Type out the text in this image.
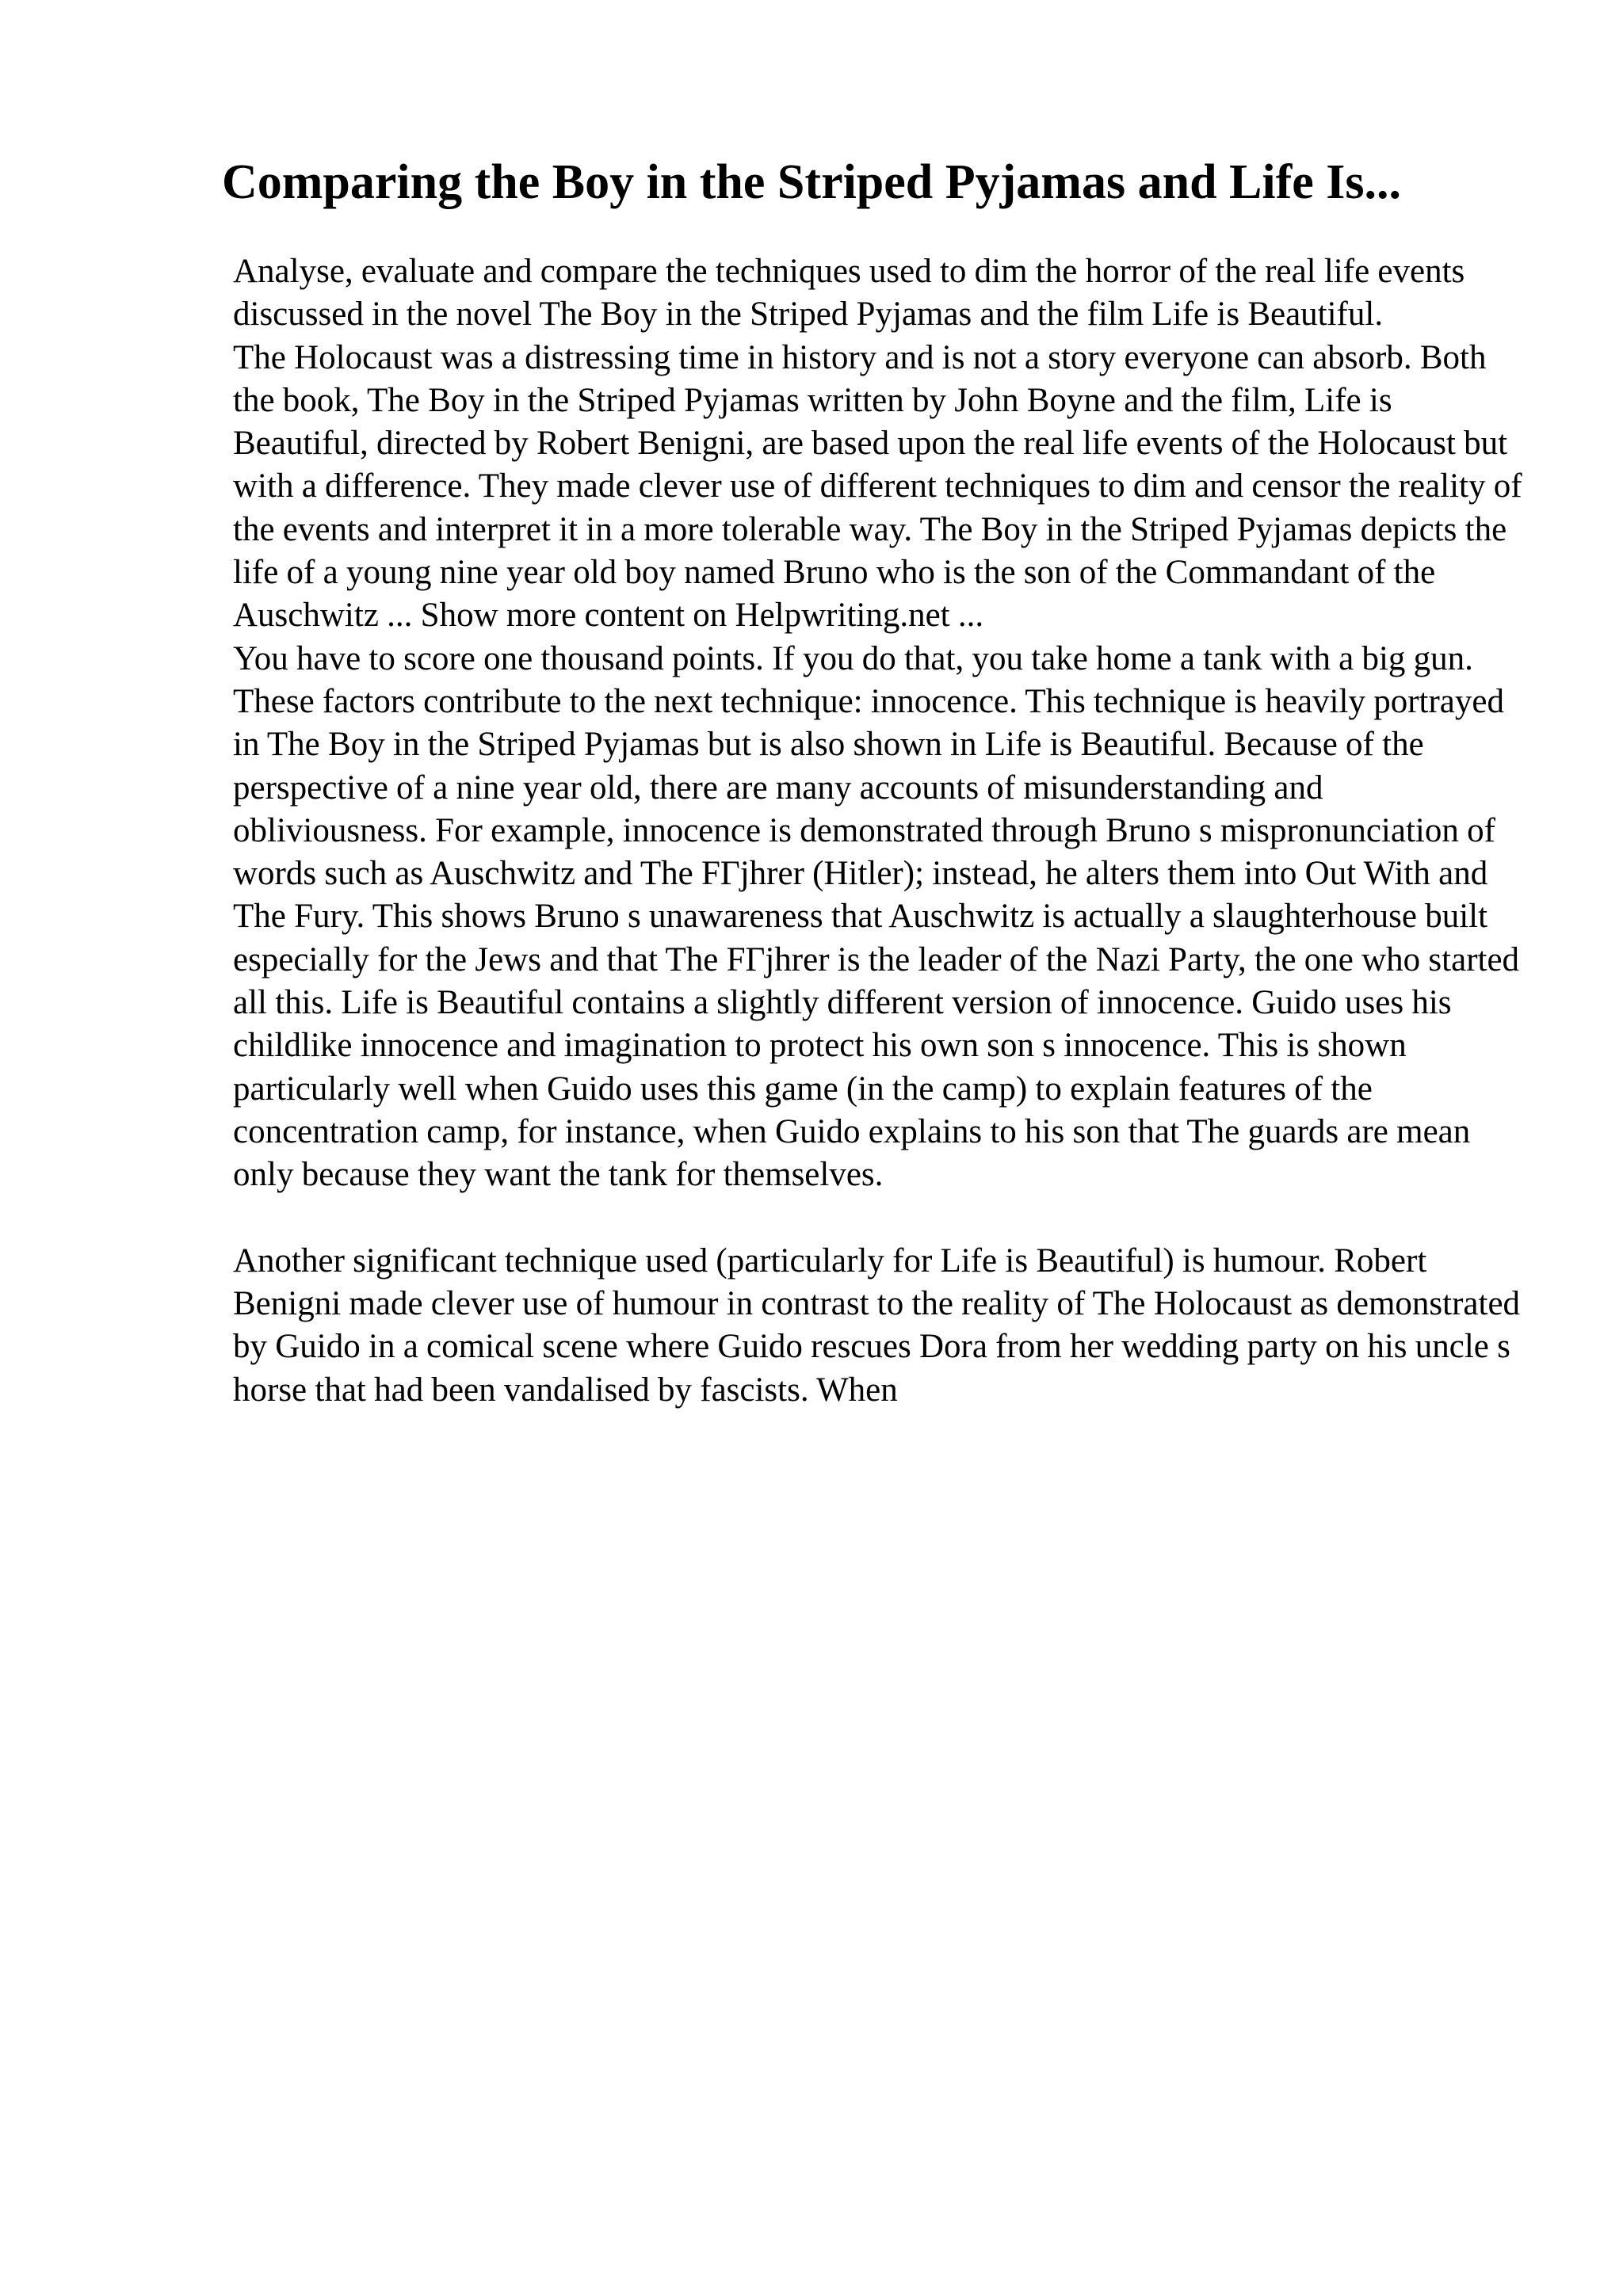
Comparing the Boy in the Striped Pyjamas and Life Is...

Analyse, evaluate and compare the techniques used to dim the horror of the real life events discussed in the novel The Boy in the Striped Pyjamas and the film Life is Beautiful.

The Holocaust was a distressing time in history and is not a story everyone can absorb. Both the book, The Boy in the Striped Pyjamas written by John Boyne and the film, Life is Beautiful, directed by Robert Benigni, are based upon the real life events of the Holocaust but with a difference. They made clever use of different techniques to dim and censor the reality of the events and interpret it in a more tolerable way. The Boy in the Striped Pyjamas depicts the life of a young nine year old boy named Bruno who is the son of the Commandant of the Auschwitz ... Show more content on Helpwriting.net ...

You have to score one thousand points. If you do that, you take home a tank with a big gun.

These factors contribute to the next technique: innocence. This technique is heavily portrayed in The Boy in the Striped Pyjamas but is also shown in Life is Beautiful. Because of the perspective of a nine year old, there are many accounts of misunderstanding and obliviousness. For example, innocence is demonstrated through Bruno s mispronunciation of words such as Auschwitz and The FΓjhrer (Hitler); instead, he alters them into Out With and The Fury. This shows Bruno s unawareness that Auschwitz is actually a slaughterhouse built especially for the Jews and that The FΓjhrer is the leader of the Nazi Party, the one who started all this. Life is Beautiful contains a slightly different version of innocence. Guido uses his childlike innocence and imagination to protect his own son s innocence. This is shown particularly well when Guido uses this game (in the camp) to explain features of the concentration camp, for instance, when Guido explains to his son that The guards are mean only because they want the tank for themselves.

Another significant technique used (particularly for Life is Beautiful) is humour. Robert Benigni made clever use of humour in contrast to the reality of The Holocaust as demonstrated by Guido in a comical scene where Guido rescues Dora from her wedding party on his uncle s horse that had been vandalised by fascists. When
